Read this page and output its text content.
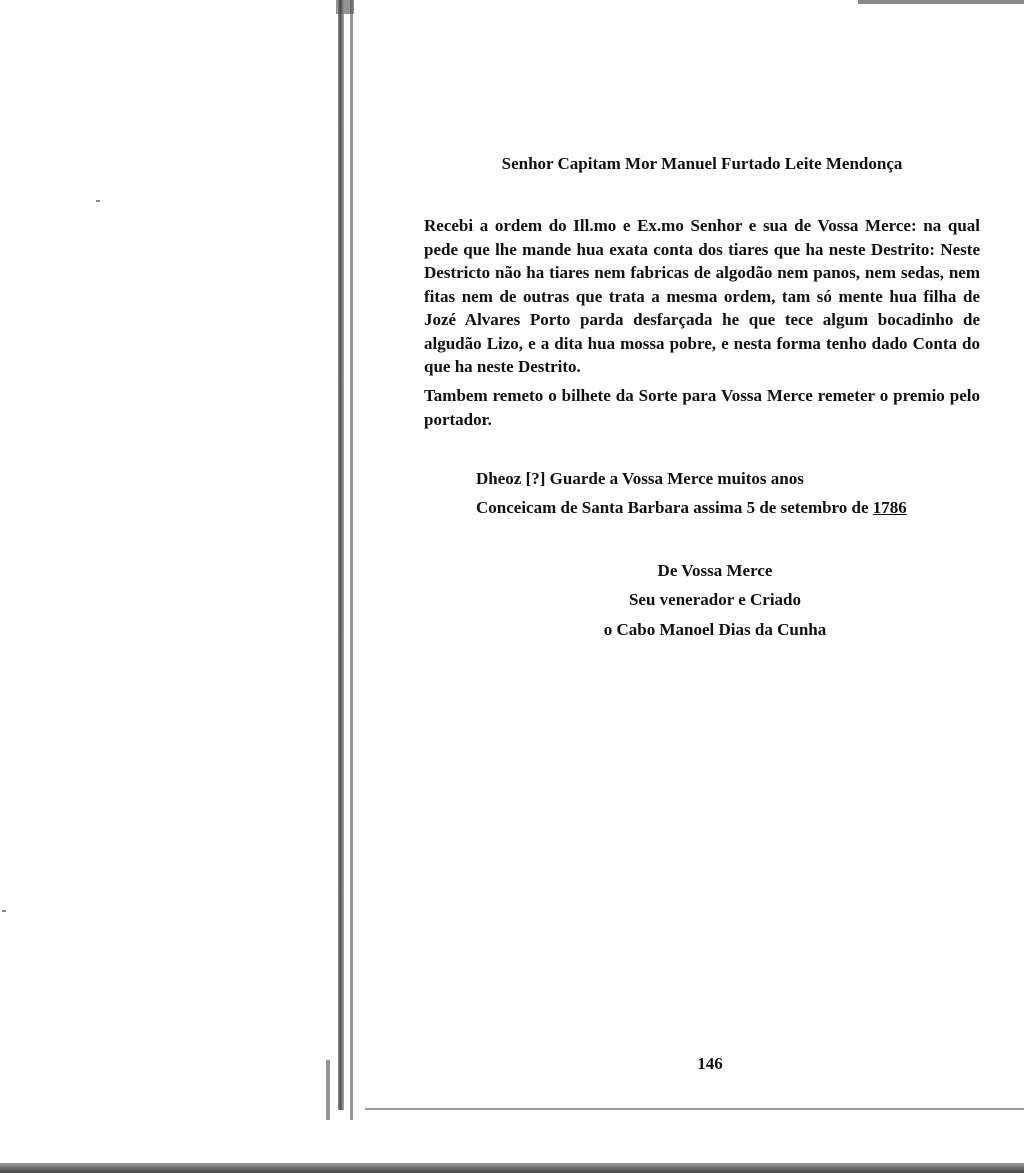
Senhor Capitam Mor Manuel Furtado Leite Mendonça

Recebi a ordem do Ill.mo e Ex.mo Senhor e sua de Vossa Merce: na qual pede que lhe mande hua exata conta dos tiares que ha neste Destrito: Neste Destricto não ha tiares nem fabricas de algodão nem panos, nem sedas, nem fitas nem de outras que trata a mesma ordem, tam só mente hua filha de Jozé Alvares Porto parda desfarçada he que tece algum bocadinho de algudão Lizo, e a dita hua mossa pobre, e nesta forma tenho dado Conta do que ha neste Destrito.

Tambem remeto o bilhete da Sorte para Vossa Merce remeter o premio pelo portador.

Dheoz [?] Guarde a Vossa Merce muitos anos
Conceicam de Santa Barbara assima 5 de setembro de 1786
De Vossa Merce
Seu venerador e Criado
o Cabo Manoel Dias da Cunha
146
